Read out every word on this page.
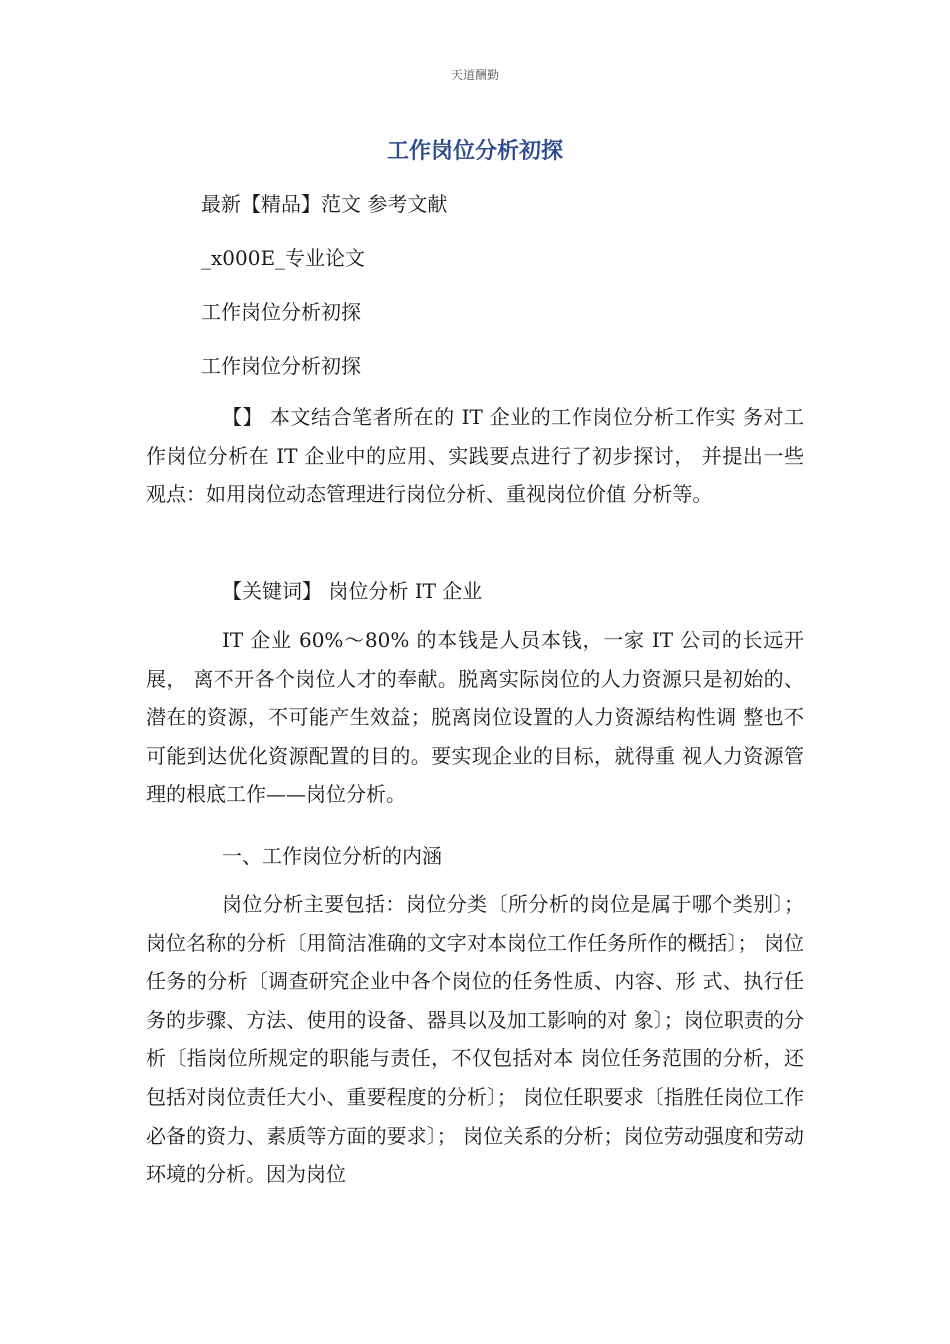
天道酬勤
工作岗位分析初探
最新【精品】范文 参考文献
_x000E_专业论文
工作岗位分析初探
工作岗位分析初探

【】 本文结合笔者所在的 IT 企业的工作岗位分析工作实 务对工作岗位分析在 IT 企业中的应用、实践要点进行了初步探讨， 并提出一些观点：如用岗位动态管理进行岗位分析、重视岗位价值 分析等。

【关键词】 岗位分析 IT 企业

IT 企业 60%～80% 的本钱是人员本钱，一家 IT 公司的长远开展， 离不开各个岗位人才的奉献。脱离实际岗位的人力资源只是初始的、 潜在的资源，不可能产生效益；脱离岗位设置的人力资源结构性调 整也不可能到达优化资源配置的目的。要实现企业的目标，就得重 视人力资源管理的根底工作——岗位分析。

一、工作岗位分析的内涵

岗位分析主要包括：岗位分类〔所分析的岗位是属于哪个类别〕； 岗位名称的分析〔用简洁准确的文字对本岗位工作任务所作的概括〕； 岗位任务的分析〔调查研究企业中各个岗位的任务性质、内容、形 式、执行任务的步骤、方法、使用的设备、器具以及加工影响的对 象〕；岗位职责的分析〔指岗位所规定的职能与责任，不仅包括对本 岗位任务范围的分析，还包括对岗位责任大小、重要程度的分析〕； 岗位任职要求〔指胜任岗位工作必备的资力、素质等方面的要求〕； 岗位关系的分析；岗位劳动强度和劳动环境的分析。因为岗位
